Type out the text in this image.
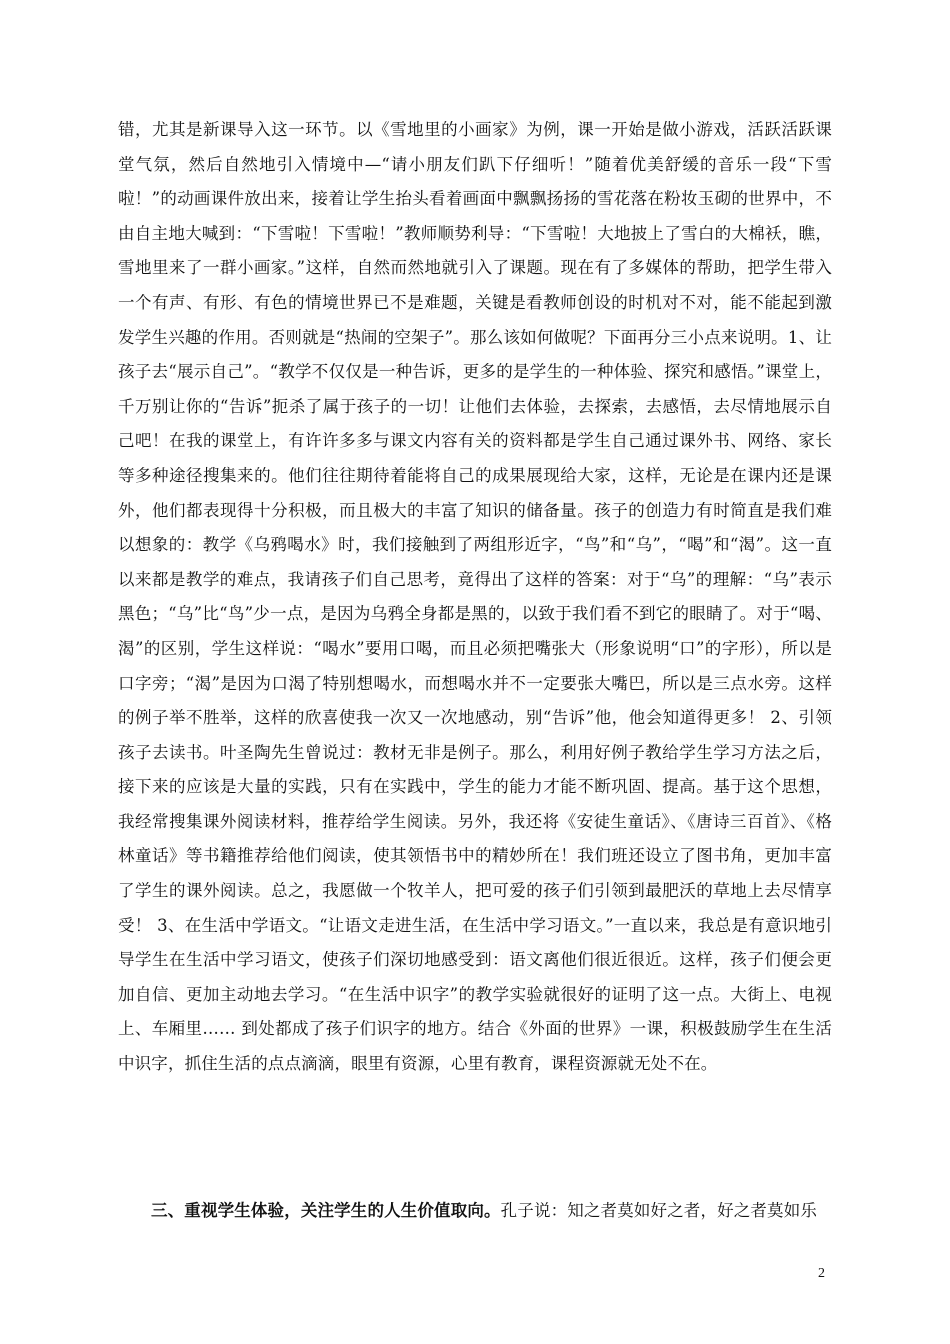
错，尤其是新课导入这一环节。以《雪地里的小画家》为例，课一开始是做小游戏，活跃活跃课堂气氛，然后自然地引入情境中—“请小朋友们趴下仔细听！”随着优美舒缓的音乐一段“下雪啦！”的动画课件放出来，接着让学生抬头看着画面中飘飘扬扬的雪花落在粉妆玉砌的世界中，不由自主地大喊到：“下雪啦！下雪啦！”教师顺势利导：“下雪啦！大地披上了雪白的大棉袄，瞧，雪地里来了一群小画家。”这样，自然而然地就引入了课题。现在有了多媒体的帮助，把学生带入一个有声、有形、有色的情境世界已不是难题，关键是看教师创设的时机对不对，能不能起到激发学生兴趣的作用。否则就是“热闹的空架子”。那么该如何做呢？下面再分三小点来说明。1、让孩子去“展示自己”。“教学不仅仅是一种告诉，更多的是学生的一种体验、探究和感悟。”课堂上，千万别让你的“告诉”扼杀了属于孩子的一切！让他们去体验，去探索，去感悟，去尽情地展示自己吧！在我的课堂上，有许许多多与课文内容有关的资料都是学生自己通过课外书、网络、家长等多种途径搜集来的。他们往往期待着能将自己的成果展现给大家，这样，无论是在课内还是课外，他们都表现得十分积极，而且极大的丰富了知识的储备量。孩子的创造力有时简直是我们难以想象的：教学《乌鸦喝水》时，我们接触到了两组形近字，“鸟”和“乌”，“喝”和“渴”。这一直以来都是教学的难点，我请孩子们自己思考，竟得出了这样的答案：对于“乌”的理解：“乌”表示黑色；“乌”比“鸟”少一点，是因为乌鸦全身都是黑的，以致于我们看不到它的眼睛了。对于“喝、渴”的区别，学生这样说：“喝水”要用口喝，而且必须把嘴张大（形象说明“口”的字形），所以是口字旁；“渴”是因为口渴了特别想喝水，而想喝水并不一定要张大嘴巴，所以是三点水旁。这样的例子举不胜举，这样的欣喜使我一次又一次地感动，别“告诉”他，他会知道得更多！ 2、引领孩子去读书。叶圣陶先生曾说过：教材无非是例子。那么，利用好例子教给学生学习方法之后，接下来的应该是大量的实践，只有在实践中，学生的能力才能不断巩固、提高。基于这个思想，我经常搜集课外阅读材料，推荐给学生阅读。另外，我还将《安徒生童话》、《唐诗三百首》、《格林童话》等书籍推荐给他们阅读，使其领悟书中的精妙所在！我们班还设立了图书角，更加丰富了学生的课外阅读。总之，我愿做一个牧羊人，把可爱的孩子们引领到最肥沃的草地上去尽情享受！ 3、在生活中学语文。“让语文走进生活，在生活中学习语文。”一直以来，我总是有意识地引导学生在生活中学习语文，使孩子们深切地感受到：语文离他们很近很近。这样，孩子们便会更加自信、更加主动地去学习。“在生活中识字”的教学实验就很好的证明了这一点。大街上、电视上、车厢里…… 到处都成了孩子们识字的地方。结合《外面的世界》一课，积极鼓励学生在生活中识字，抓住生活的点点滴滴，眼里有资源，心里有教育，课程资源就无处不在。

三、重视学生体验，关注学生的人生价值取向。孔子说：知之者莫如好之者，好之者莫如乐

2
